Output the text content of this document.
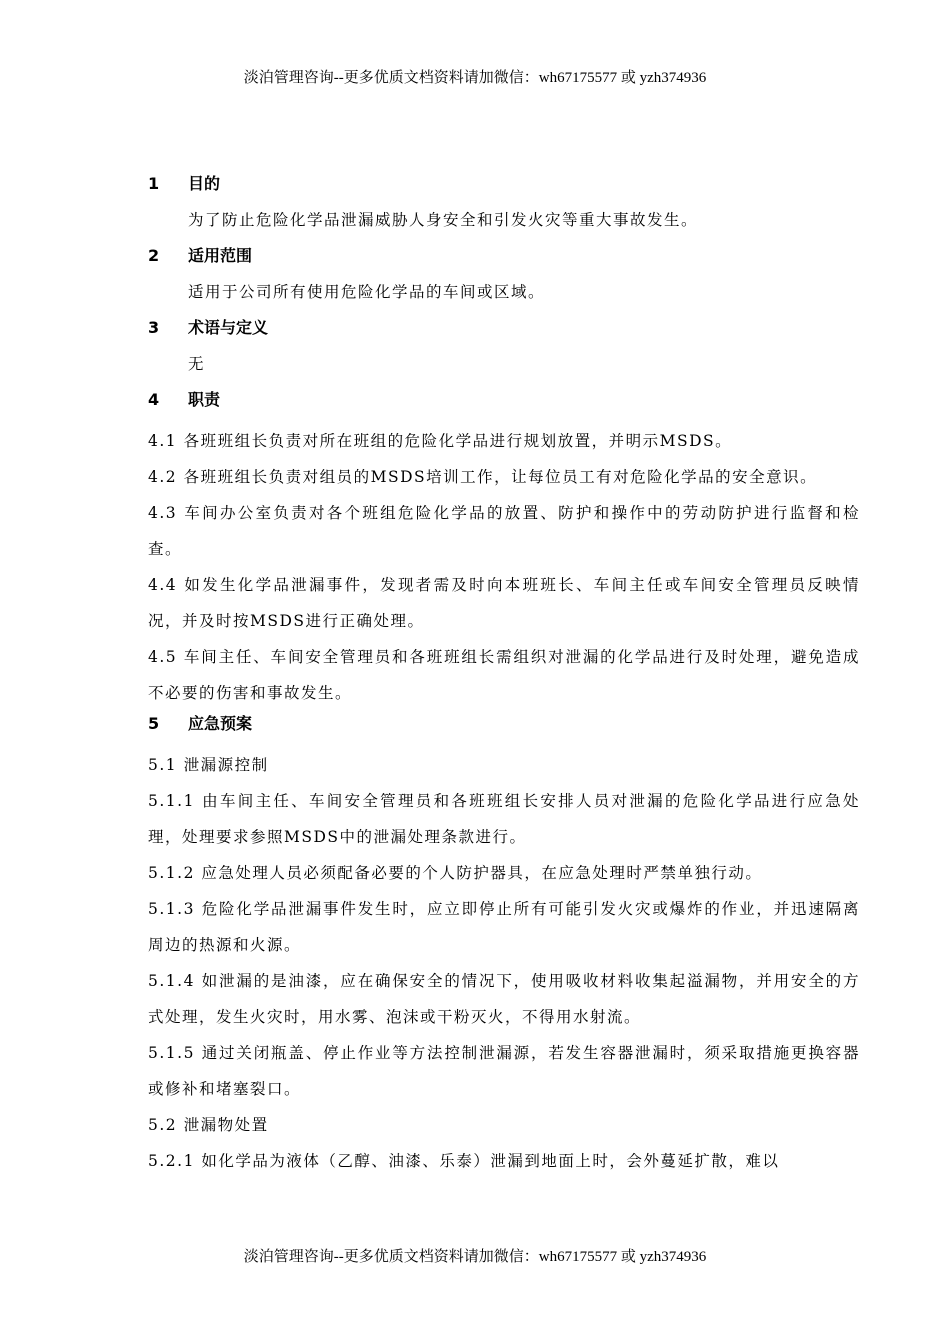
淡泊管理咨询--更多优质文档资料请加微信：wh67175577 或 yzh374936
1 目的
为了防止危险化学品泄漏威胁人身安全和引发火灾等重大事故发生。
2 适用范围
适用于公司所有使用危险化学品的车间或区域。
3 术语与定义
无
4 职责
4.1 各班班组长负责对所在班组的危险化学品进行规划放置，并明示MSDS。
4.2 各班班组长负责对组员的MSDS培训工作，让每位员工有对危险化学品的安全意识。
4.3 车间办公室负责对各个班组危险化学品的放置、防护和操作中的劳动防护进行监督和检查。
4.4 如发生化学品泄漏事件，发现者需及时向本班班长、车间主任或车间安全管理员反映情况，并及时按MSDS进行正确处理。
4.5 车间主任、车间安全管理员和各班班组长需组织对泄漏的化学品进行及时处理，避免造成不必要的伤害和事故发生。
5 应急预案
5.1 泄漏源控制
5.1.1 由车间主任、车间安全管理员和各班班组长安排人员对泄漏的危险化学品进行应急处理，处理要求参照MSDS中的泄漏处理条款进行。
5.1.2 应急处理人员必须配备必要的个人防护器具，在应急处理时严禁单独行动。
5.1.3 危险化学品泄漏事件发生时，应立即停止所有可能引发火灾或爆炸的作业，并迅速隔离周边的热源和火源。
5.1.4 如泄漏的是油漆，应在确保安全的情况下，使用吸收材料收集起溢漏物，并用安全的方式处理，发生火灾时，用水雾、泡沫或干粉灭火，不得用水射流。
5.1.5 通过关闭瓶盖、停止作业等方法控制泄漏源，若发生容器泄漏时，须采取措施更换容器或修补和堵塞裂口。
5.2 泄漏物处置
5.2.1 如化学品为液体（乙醇、油漆、乐泰）泄漏到地面上时，会外蔓延扩散，难以
淡泊管理咨询--更多优质文档资料请加微信：wh67175577 或 yzh374936
